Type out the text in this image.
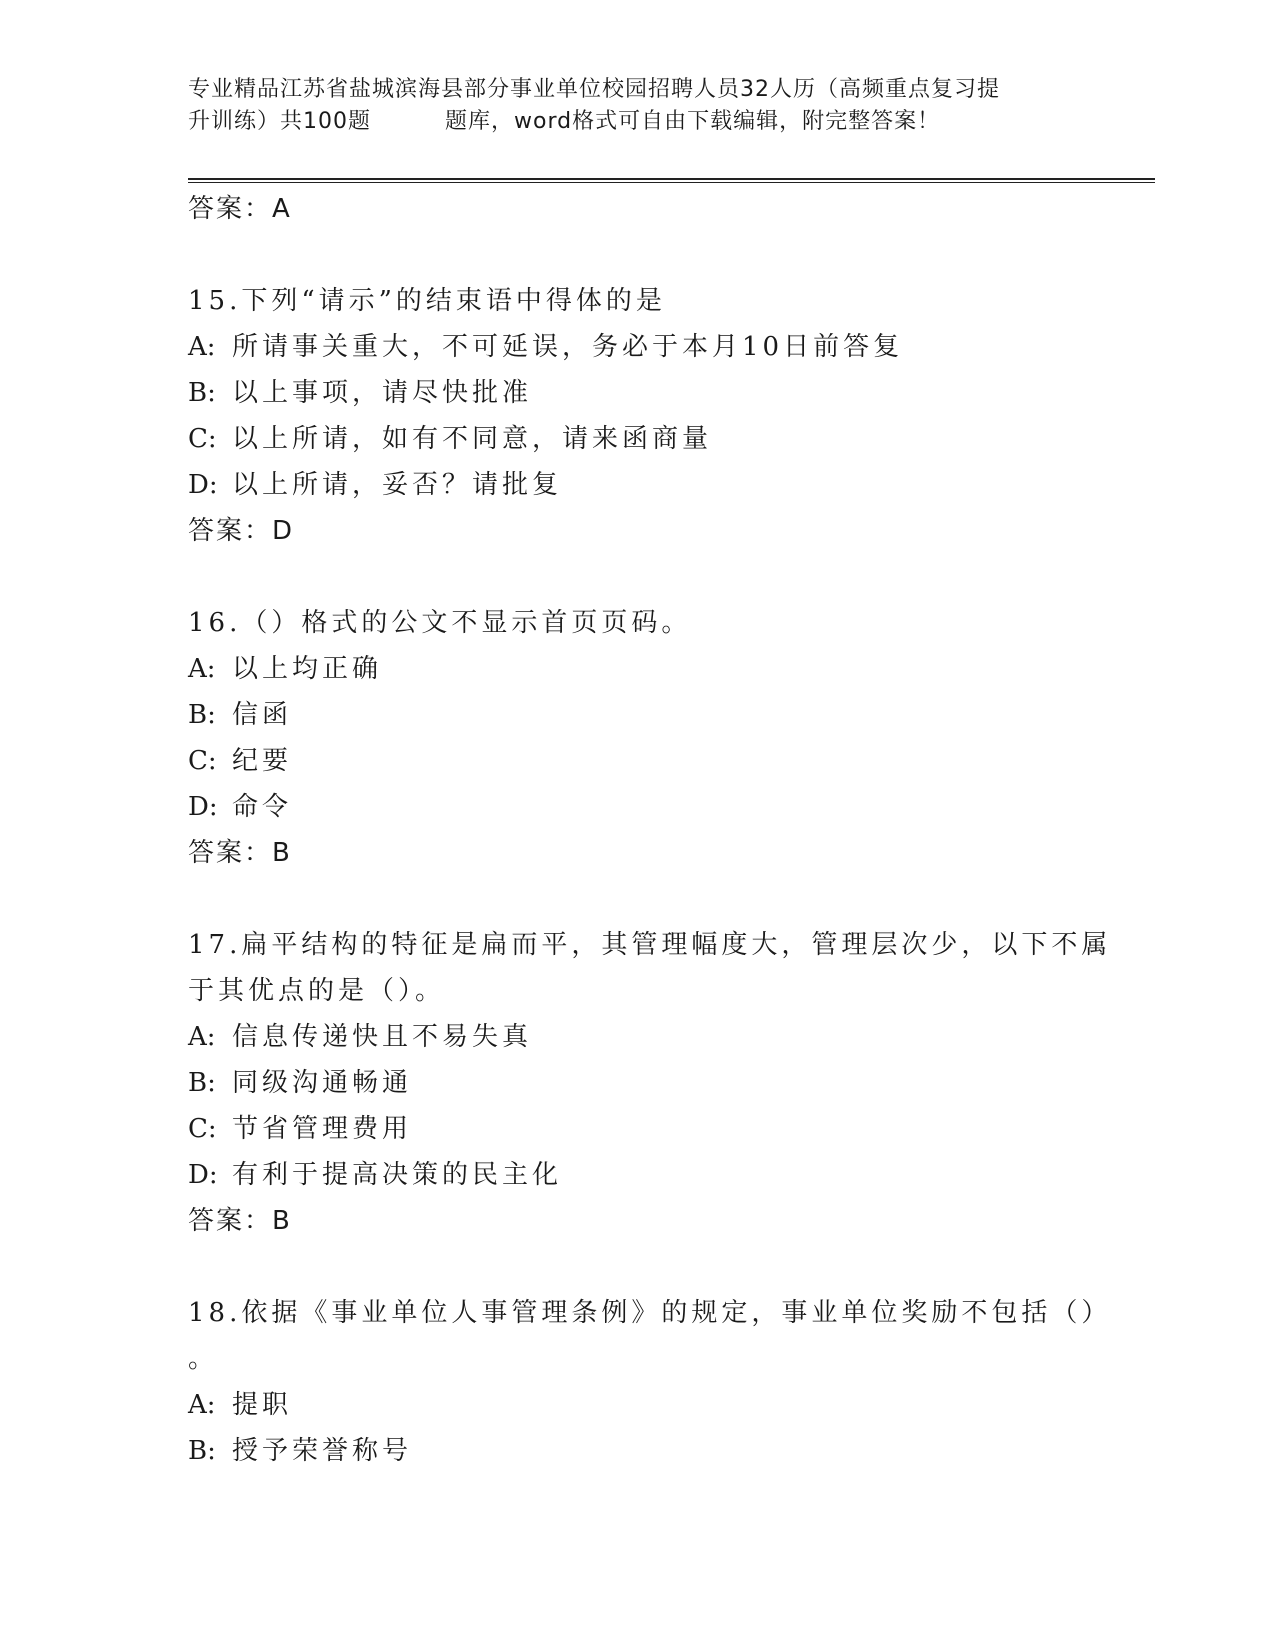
专业精品江苏省盐城滨海县部分事业单位校园招聘人员32人历（高频重点复习提
升训练）共100题	题库，word格式可自由下载编辑，附完整答案！
答案：A
15.下列“请示”的结束语中得体的是
A: 所请事关重大，不可延误，务必于本月10日前答复
B: 以上事项，请尽快批准
C: 以上所请，如有不同意，请来函商量
D: 以上所请，妥否？请批复
答案：D
16.（）格式的公文不显示首页页码。
A: 以上均正确
B: 信函
C: 纪要
D: 命令
答案：B
17.扁平结构的特征是扁而平，其管理幅度大，管理层次少，以下不属
于其优点的是（）。
A: 信息传递快且不易失真
B: 同级沟通畅通
C: 节省管理费用
D: 有利于提高决策的民主化
答案：B
18.依据《事业单位人事管理条例》的规定，事业单位奖励不包括（）
。
A: 提职
B: 授予荣誉称号
